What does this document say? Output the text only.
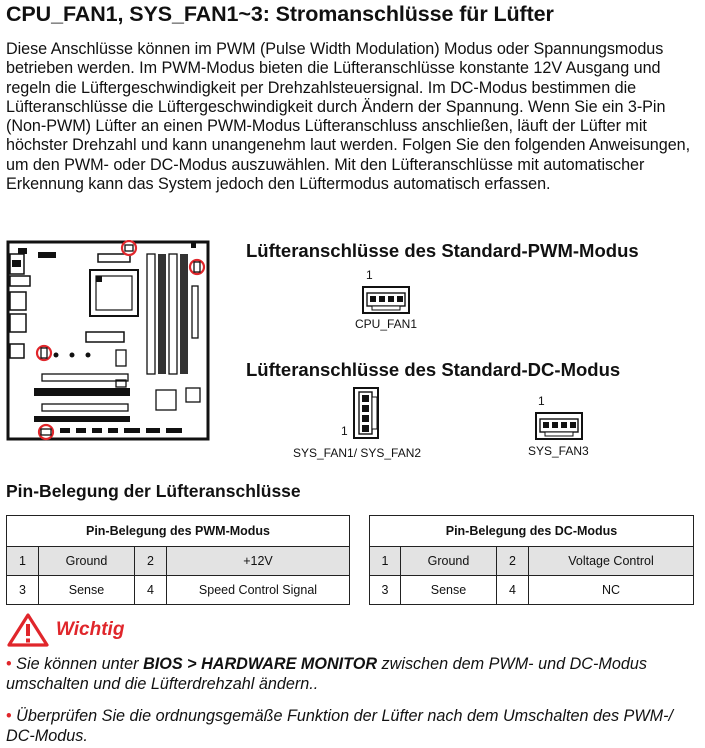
CPU_FAN1, SYS_FAN1~3: Stromanschlüsse für Lüfter

Diese Anschlüsse können im PWM (Pulse Width Modulation) Modus oder Spannungsmodus betrieben werden. Im PWM-Modus bieten die Lüfteranschlüsse konstante 12V Ausgang und regeln die Lüftergeschwindigkeit per Drehzahlsteuersignal. Im DC-Modus bestimmen die Lüfteranschlüsse die Lüftergeschwindigkeit durch Ändern der Spannung. Wenn Sie ein 3-Pin (Non-PWM) Lüfter an einen PWM-Modus Lüfteranschluss anschließen, läuft der Lüfter mit höchster Drehzahl und kann unangenehm laut werden. Folgen Sie den folgenden Anweisungen, um den PWM- oder DC-Modus auszuwählen. Mit den Lüfteranschlüsse mit automatischer Erkennung kann das System jedoch den Lüftermodus automatisch erfassen.

Lüfteranschlüsse des Standard-PWM-Modus
1
CPU_FAN1
Lüfteranschlüsse des Standard-DC-Modus
1
SYS_FAN1/ SYS_FAN2
1
SYS_FAN3
Pin-Belegung der Lüfteranschlüsse
Pin-Belegung des PWM-Modus			
1	Ground	2	+12V
3	Sense	4	Speed Control Signal
Pin-Belegung des DC-Modus			
1	Ground	2	Voltage Control
3	Sense	4	NC

Wichtig

• Sie können unter BIOS > HARDWARE MONITOR zwischen dem PWM- und DC-Modus umschalten und die Lüfterdrehzahl ändern..

• Überprüfen Sie die ordnungsgemäße Funktion der Lüfter nach dem Umschalten des PWM-/ DC-Modus.
